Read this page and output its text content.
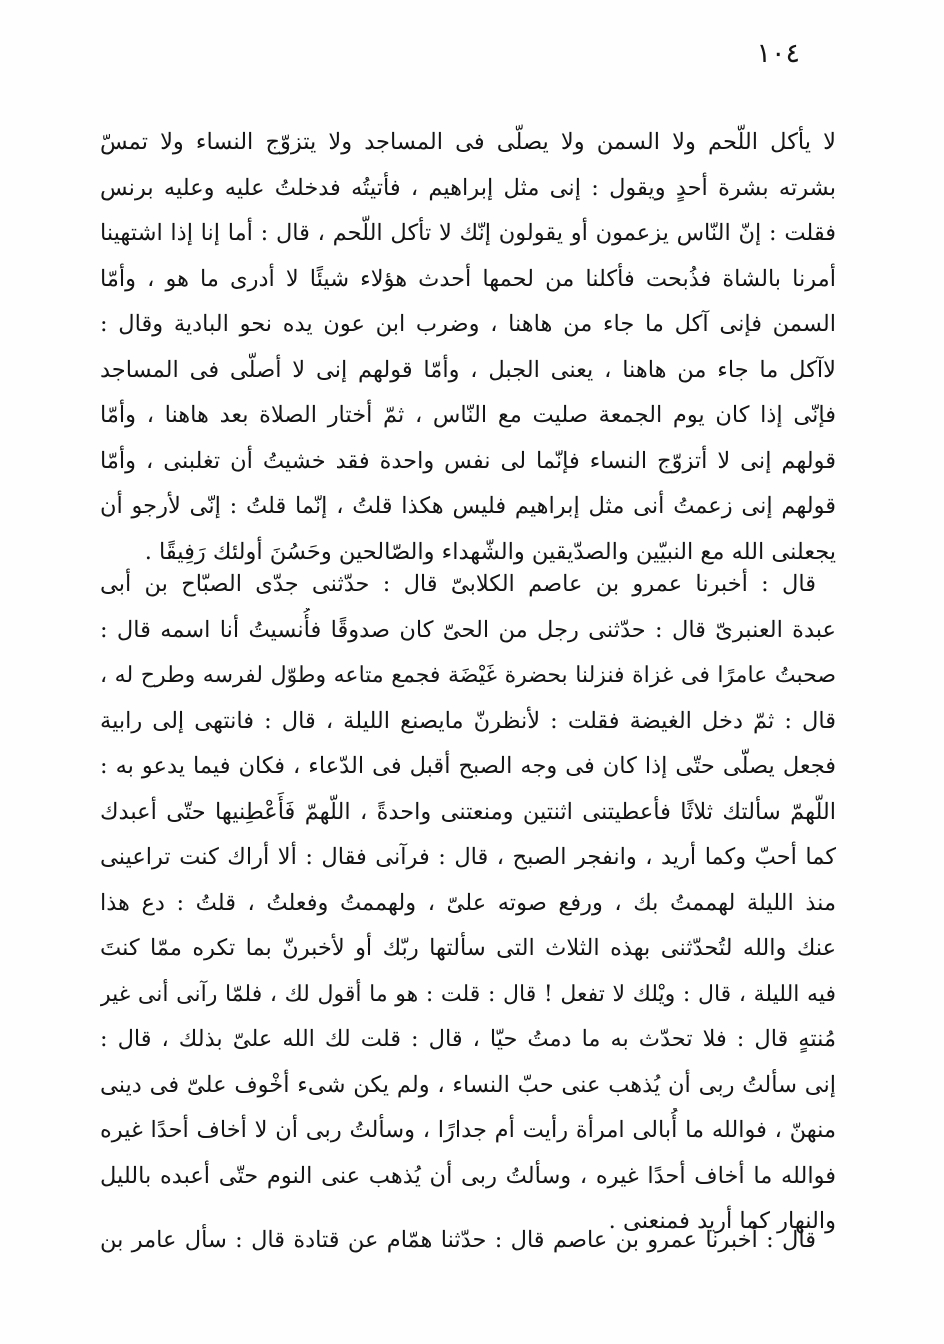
١٠٤
لا يأكل اللّحم ولا السمن ولا يصلّى فى المساجد ولا يتزوّج النساء ولا تمسّ
بشرته بشرة أحدٍ ويقول : إنى مثل إبراهيم ، فأتيتُه فدخلتُ عليه وعليه برنس
فقلت : إنّ النّاس يزعمون أو يقولون إنّك لا تأكل اللّحم ، قال : أما إنا إذا اشتهينا
أمرنا بالشاة فذُبحت فأكلنا من لحمها أحدث هؤلاء شيئًا لا أدرى ما هو ، وأمّا
السمن فإنى آكل ما جاء من هاهنا ، وضرب ابن عون يده نحو البادية وقال :
لاآكل ما جاء من هاهنا ، يعنى الجبل ، وأمّا قولهم إنى لا أصلّى فى المساجد
فإنّى إذا كان يوم الجمعة صليت مع النّاس ، ثمّ أختار الصلاة بعد هاهنا ، وأمّا
قولهم إنى لا أتزوّج النساء فإنّما لى نفس واحدة فقد خشيتُ أن تغلبنى ، وأمّا
قولهم إنى زعمتُ أنى مثل إبراهيم فليس هكذا قلتُ ، إنّما قلتُ : إنّى لأرجو أن
يجعلنى الله مع النبيّين والصدّيقين والشّهداء والصّالحين وحَسُنَ أولئك رَفِيقًا .
قال : أخبرنا عمرو بن عاصم الكلابىّ قال : حدّثنى جدّى الصبّاح بن أبى
عبدة العنبرىّ قال : حدّثنى رجل من الحىّ كان صدوقًا فأُنسيتُ أنا اسمه قال :
صحبتُ عامرًا فى غزاة فنزلنا بحضرة غَيْضَة فجمع متاعه وطوّل لفرسه وطرح له ،
قال : ثمّ دخل الغيضة فقلت : لأنظرنّ مايصنع الليلة ، قال : فانتهى إلى رابية
فجعل يصلّى حتّى إذا كان فى وجه الصبح أقبل فى الدّعاء ، فكان فيما يدعو به :
اللّهمّ سألتك ثلاثًا فأعطيتنى اثنتين ومنعتنى واحدةً ، اللّهمّ فَأَعْطِنيها حتّى أعبدك
كما أحبّ وكما أريد ، وانفجر الصبح ، قال : فرآنى فقال : ألا أراك كنت تراعينى
منذ الليلة لهممتُ بك ، ورفع صوته علىّ ، ولهممتُ وفعلتُ ، قلتُ : دع هذا
عنك والله لتُحدّثنى بهذه الثلاث التى سألتها ربّك أو لأخبرنّ بما تكره ممّا كنتَ
فيه الليلة ، قال : ويْلك لا تفعل ! قال : قلت : هو ما أقول لك ، فلمّا رآنى أنى غير
مُنتهٍ قال : فلا تحدّث به ما دمتُ حيّا ، قال : قلت لك الله علىّ بذلك ، قال :
إنى سألتُ ربى أن يُذهب عنى حبّ النساء ، ولم يكن شىء أخْوف علىّ فى دينى
منهنّ ، فوالله ما أُبالى امرأة رأيت أم جدارًا ، وسألتُ ربى أن لا أخاف أحدًا غيره
فوالله ما أخاف أحدًا غيره ، وسألتُ ربى أن يُذهب عنى النوم حتّى أعبده بالليل
والنهار كما أريد فمنعنى .
قال : أخبرنا عمرو بن عاصم قال : حدّثنا همّام عن قتادة قال : سأل عامر بن
